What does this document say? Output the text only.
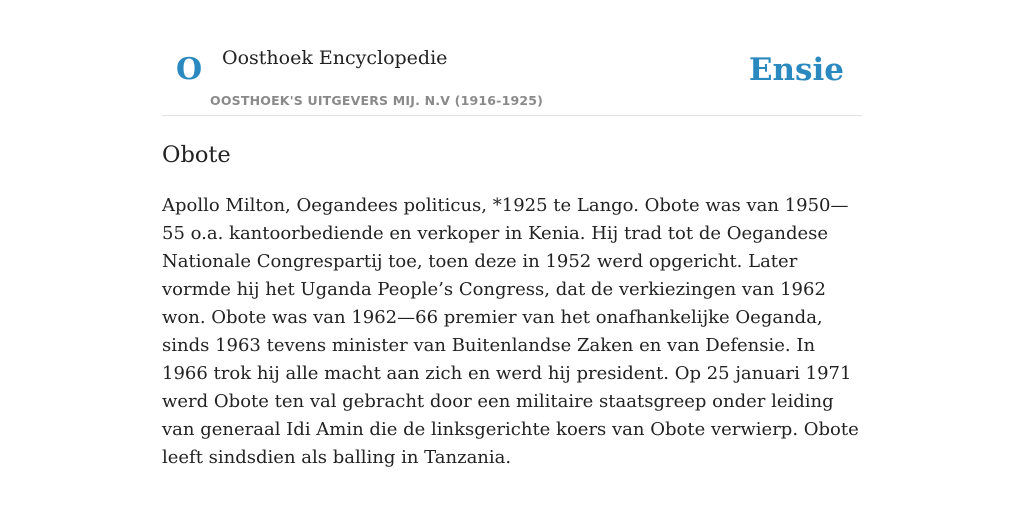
O Oosthoek Encyclopedie	Ensie
OOSTHOEK'S UITGEVERS MIJ. N.V (1916-1925)
Obote

Apollo Milton, Oegandees politicus, *1925 te Lango. Obote was van 1950—55 o.a. kantoorbediende en verkoper in Kenia. Hij trad tot de Oegandese Nationale Congrespartij toe, toen deze in 1952 werd opgericht. Later vormde hij het Uganda People’s Congress, dat de verkiezingen van 1962 won. Obote was van 1962—66 premier van het onafhankelijke Oeganda, sinds 1963 tevens minister van Buitenlandse Zaken en van Defensie. In 1966 trok hij alle macht aan zich en werd hij president. Op 25 januari 1971 werd Obote ten val gebracht door een militaire staatsgreep onder leiding van generaal Idi Amin die de linksgerichte koers van Obote verwierp. Obote leeft sindsdien als balling in Tanzania.
